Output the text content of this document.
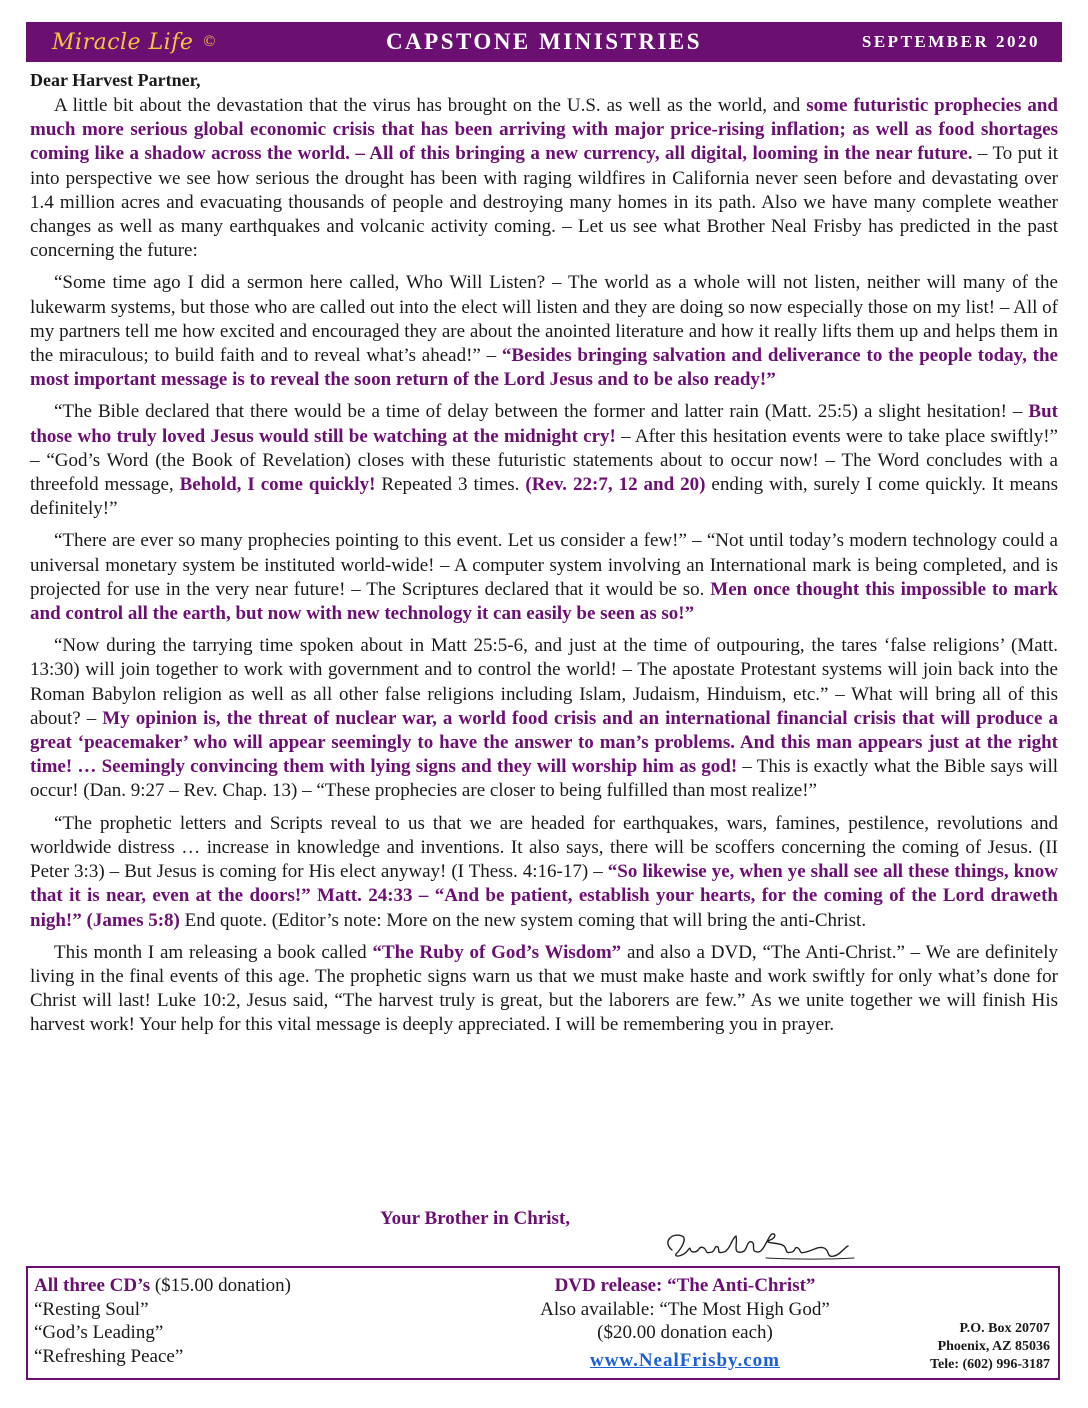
Miracle Life ©	CAPSTONE MINISTRIES	SEPTEMBER 2020
Dear Harvest Partner,

A little bit about the devastation that the virus has brought on the U.S. as well as the world, and some futuristic prophecies and much more serious global economic crisis that has been arriving with major price-rising inflation; as well as food shortages coming like a shadow across the world. – All of this bringing a new currency, all digital, looming in the near future. – To put it into perspective we see how serious the drought has been with raging wildfires in California never seen before and devastating over 1.4 million acres and evacuating thousands of people and destroying many homes in its path. Also we have many complete weather changes as well as many earthquakes and volcanic activity coming. – Let us see what Brother Neal Frisby has predicted in the past concerning the future:

“Some time ago I did a sermon here called, Who Will Listen? – The world as a whole will not listen, neither will many of the lukewarm systems, but those who are called out into the elect will listen and they are doing so now especially those on my list! – All of my partners tell me how excited and encouraged they are about the anointed literature and how it really lifts them up and helps them in the miraculous; to build faith and to reveal what’s ahead!” – “Besides bringing salvation and deliverance to the people today, the most important message is to reveal the soon return of the Lord Jesus and to be also ready!”

“The Bible declared that there would be a time of delay between the former and latter rain (Matt. 25:5) a slight hesitation! – But those who truly loved Jesus would still be watching at the midnight cry! – After this hesitation events were to take place swiftly!” – “God’s Word (the Book of Revelation) closes with these futuristic statements about to occur now! – The Word concludes with a threefold message, Behold, I come quickly! Repeated 3 times. (Rev. 22:7, 12 and 20) ending with, surely I come quickly. It means definitely!”

“There are ever so many prophecies pointing to this event. Let us consider a few!” – “Not until today’s modern technology could a universal monetary system be instituted world-wide! – A computer system involving an International mark is being completed, and is projected for use in the very near future! – The Scriptures declared that it would be so. Men once thought this impossible to mark and control all the earth, but now with new technology it can easily be seen as so!”

“Now during the tarrying time spoken about in Matt 25:5-6, and just at the time of outpouring, the tares ‘false religions’ (Matt. 13:30) will join together to work with government and to control the world! – The apostate Protestant systems will join back into the Roman Babylon religion as well as all other false religions including Islam, Judaism, Hinduism, etc.” – What will bring all of this about? – My opinion is, the threat of nuclear war, a world food crisis and an international financial crisis that will produce a great ‘peacemaker’ who will appear seemingly to have the answer to man’s problems. And this man appears just at the right time! … Seemingly convincing them with lying signs and they will worship him as god! – This is exactly what the Bible says will occur! (Dan. 9:27 – Rev. Chap. 13) – “These prophecies are closer to being fulfilled than most realize!”

“The prophetic letters and Scripts reveal to us that we are headed for earthquakes, wars, famines, pestilence, revolutions and worldwide distress … increase in knowledge and inventions. It also says, there will be scoffers concerning the coming of Jesus. (II Peter 3:3) – But Jesus is coming for His elect anyway! (I Thess. 4:16-17) – “So likewise ye, when ye shall see all these things, know that it is near, even at the doors!” Matt. 24:33 – “And be patient, establish your hearts, for the coming of the Lord draweth nigh!” (James 5:8) End quote. (Editor’s note: More on the new system coming that will bring the anti-Christ.

This month I am releasing a book called “The Ruby of God’s Wisdom” and also a DVD, “The Anti-Christ.” – We are definitely living in the final events of this age. The prophetic signs warn us that we must make haste and work swiftly for only what’s done for Christ will last! Luke 10:2, Jesus said, “The harvest truly is great, but the laborers are few.” As we unite together we will finish His harvest work! Your help for this vital message is deeply appreciated. I will be remembering you in prayer.

Your Brother in Christ,
All three CD’s ($15.00 donation)
“Resting Soul”
“God’s Leading”
“Refreshing Peace”
DVD release: “The Anti-Christ”
Also available: “The Most High God”
($20.00 donation each)
www.NealFrisby.com
P.O. Box 20707
Phoenix, AZ 85036
Tele: (602) 996-3187
